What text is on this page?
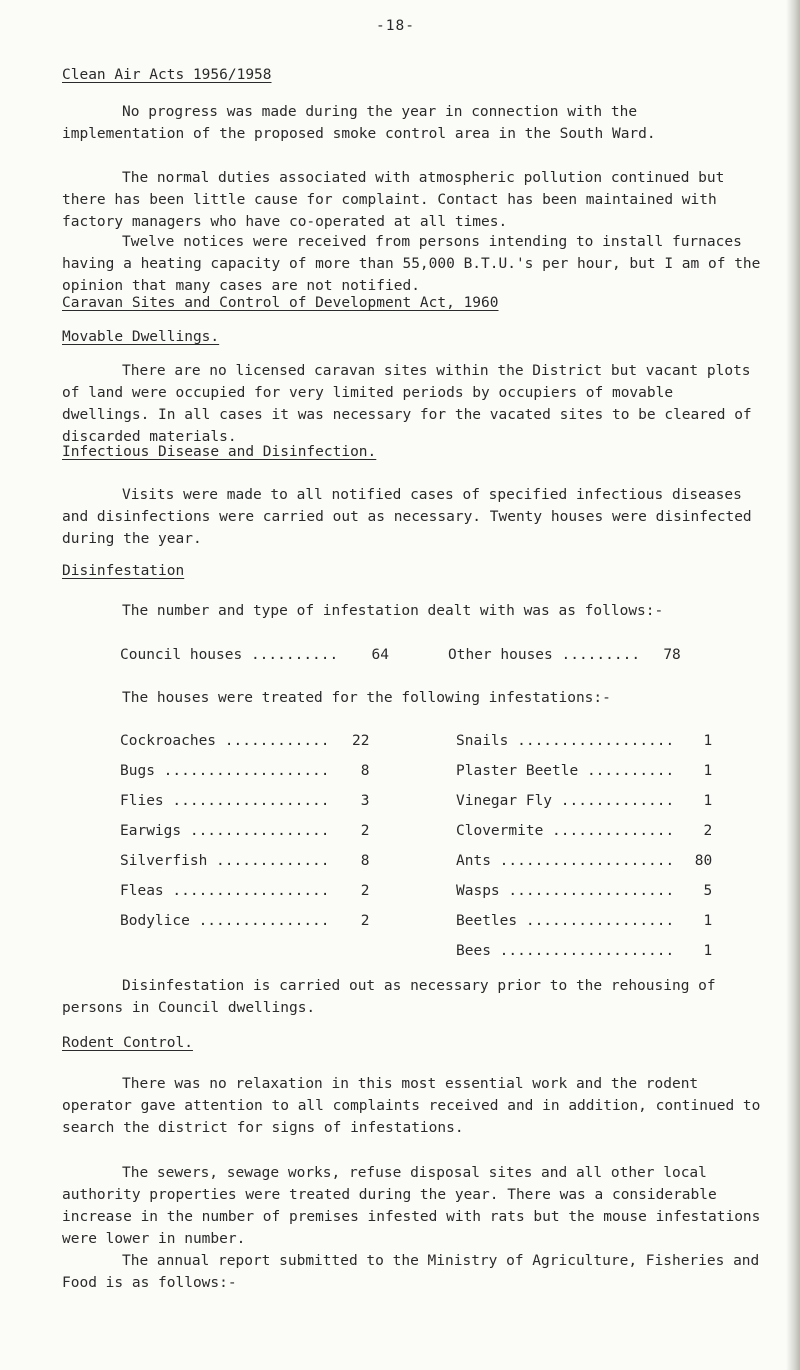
-18-
Clean Air Acts 1956/1958
No progress was made during the year in connection with the implementation of the proposed smoke control area in the South Ward.
The normal duties associated with atmospheric pollution continued but there has been little cause for complaint. Contact has been maintained with factory managers who have co-operated at all times.
Twelve notices were received from persons intending to install furnaces having a heating capacity of more than 55,000 B.T.U.'s per hour, but I am of the opinion that many cases are not notified.
Caravan Sites and Control of Development Act, 1960
Movable Dwellings.
There are no licensed caravan sites within the District but vacant plots of land were occupied for very limited periods by occupiers of movable dwellings. In all cases it was necessary for the vacated sites to be cleared of discarded materials.
Infectious Disease and Disinfection.
Visits were made to all notified cases of specified infectious diseases and disinfections were carried out as necessary. Twenty houses were disinfected during the year.
Disinfestation
The number and type of infestation dealt with was as follows:-
Council houses .......... 64	Other houses ......... 78
The houses were treated for the following infestations:-
Cockroaches ............ 22
Bugs ................... 8
Flies .................. 3
Earwigs ................ 2
Silverfish ............. 8
Fleas .................. 2
Bodylice ............... 2
Snails .................. 1
Plaster Beetle .......... 1
Vinegar Fly ............. 1
Clovermite .............. 2
Ants .................... 80
Wasps ................... 5
Beetles ................. 1
Bees .................... 1
Disinfestation is carried out as necessary prior to the rehousing of persons in Council dwellings.
Rodent Control.
There was no relaxation in this most essential work and the rodent operator gave attention to all complaints received and in addition, continued to search the district for signs of infestations.
The sewers, sewage works, refuse disposal sites and all other local authority properties were treated during the year. There was a considerable increase in the number of premises infested with rats but the mouse infestations were lower in number.
The annual report submitted to the Ministry of Agriculture, Fisheries and Food is as follows:-
